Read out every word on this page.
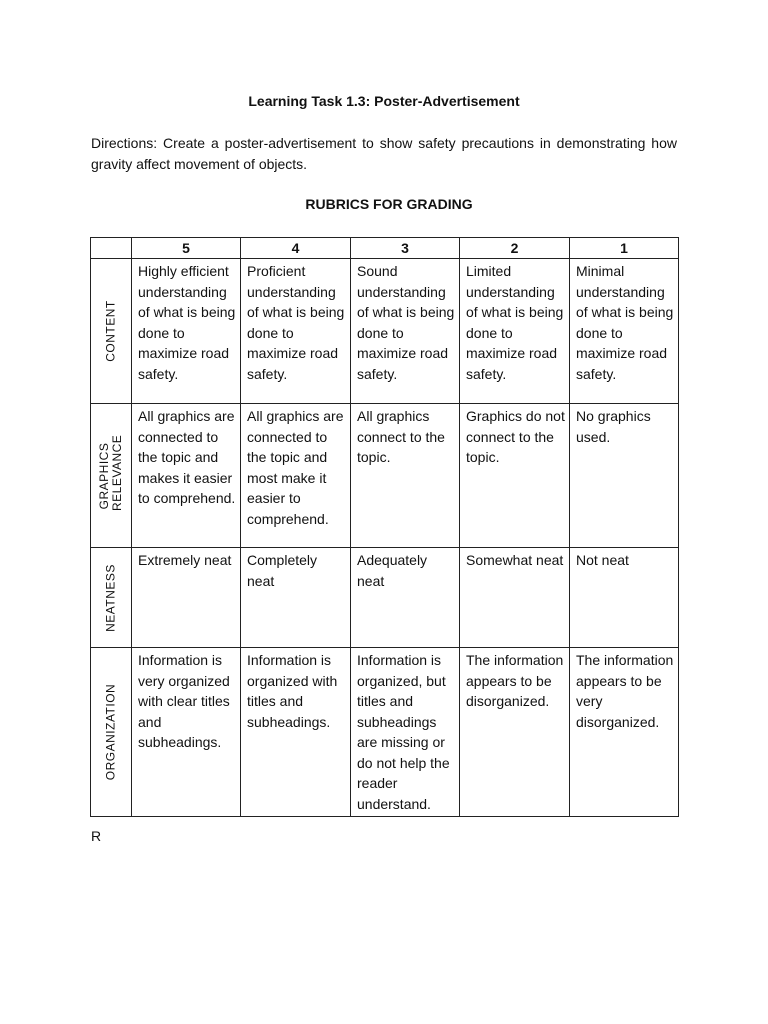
Learning Task 1.3: Poster-Advertisement
Directions: Create a poster-advertisement to show safety precautions in demonstrating how gravity affect movement of objects.
RUBRICS FOR GRADING
	5	4	3	2	1

CONTENT	Highly efficient understanding of what is being done to maximize road safety.	Proficient understanding of what is being done to maximize road safety.	Sound understanding of what is being done to maximize road safety.	Limited understanding of what is being done to maximize road safety.	Minimal understanding of what is being done to maximize road safety.

GRAPHICS RELEVANCE	All graphics are connected to the topic and makes it easier to comprehend.	All graphics are connected to the topic and most make it easier to comprehend.	All graphics connect to the topic.	Graphics do not connect to the topic.	No graphics used.

NEATNESS	Extremely neat	Completely neat	Adequately neat	Somewhat neat	Not neat

ORGANIZATION	Information is very organized with clear titles and subheadings.	Information is organized with titles and subheadings.	Information is organized, but titles and subheadings are missing or do not help the reader understand.	The information appears to be disorganized.	The information appears to be very disorganized.
R
